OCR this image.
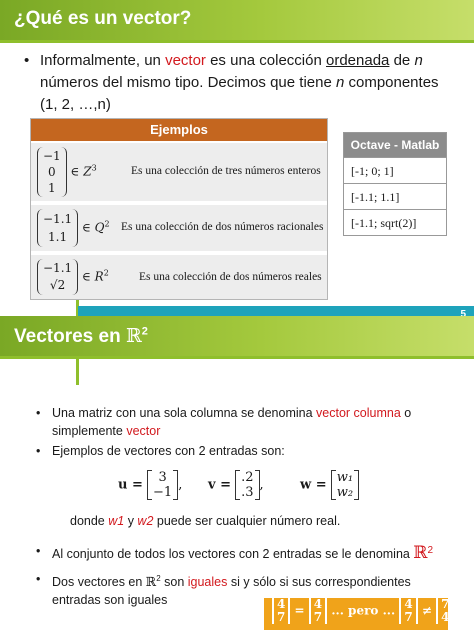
¿Qué es un vector?
• Informalmente, un vector es una colección ordenada de n
números del mismo tipo. Decimos que tiene n componentes
(1, 2, …,n)
Ejemplos
−1
0
1 ∈ $Z^3$	Es una colección de tres números enteros
−1.1
1.1 ∈ $Q^2$ Es una colección de dos números racionales
−1.1
√2 ∈ $R^2$	Es una colección de dos números reales
Octave - Matlab
[-1; 0; 1]
[-1.1; 1.1]
[-1.1; sqrt(2)]
5
Vectores en ℝ$^2$
• Una matriz con una sola columna se denomina vector columna o
simplemente vector
• Ejemplos de vectores con 2 entradas son:
u = 3
−1 , v = .2
.3 ,	w = w₁
w₂
donde w1 y w2 puede ser cualquier número real.
• Al conjunto de todos los vectores con 2 entradas se le denomina ℝ$^2$
• Dos vectores en ℝ$^2$ son iguales si y sólo si sus correspondientes
entradas son iguales	4
7 = 4
7 ... pero ... 4
7 ≠ 7
4
